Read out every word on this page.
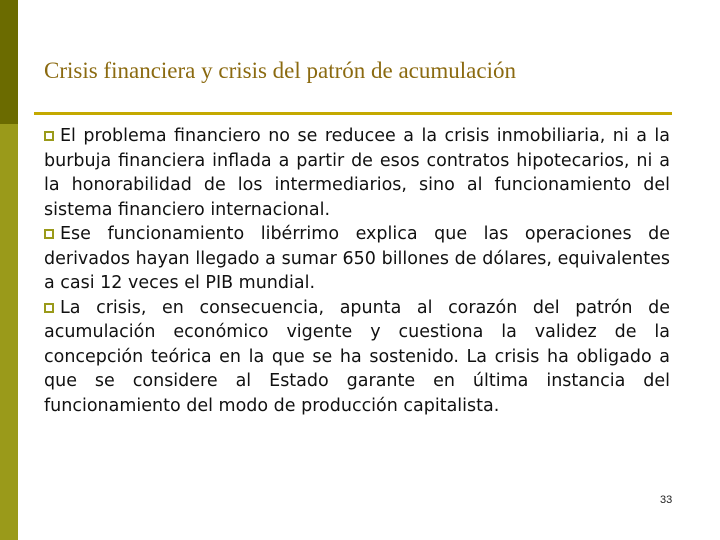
Crisis financiera y crisis del patrón de acumulación

El problema financiero no se reducee a la crisis inmobiliaria, ni a la burbuja financiera inflada a partir de esos contratos hipotecarios, ni a la honorabilidad de los intermediarios, sino al funcionamiento del sistema financiero internacional.

Ese funcionamiento libérrimo explica que las operaciones de derivados hayan llegado a sumar 650 billones de dólares, equivalentes a casi 12 veces el PIB mundial.

La crisis, en consecuencia, apunta al corazón del patrón de acumulación económico vigente y cuestiona la validez de la concepción teórica en la que se ha sostenido. La crisis ha obligado a que se considere al Estado garante en última instancia del funcionamiento del modo de producción capitalista.

33
